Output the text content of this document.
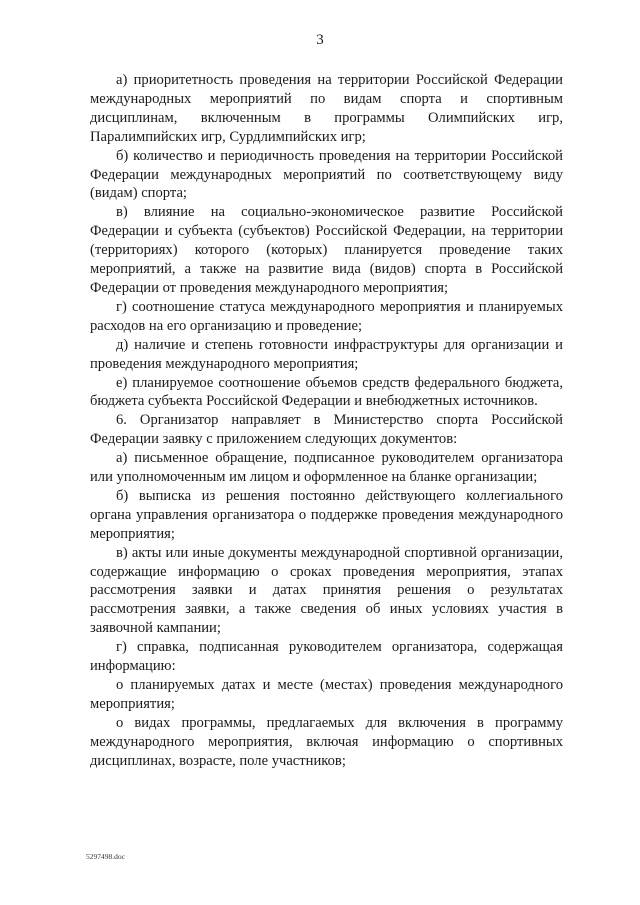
3

а) приоритетность проведения на территории Российской Федерации международных мероприятий по видам спорта и спортивным дисциплинам, включенным в программы Олимпийских игр, Паралимпийских игр, Сурдлимпийских игр;

б) количество и периодичность проведения на территории Российской Федерации международных мероприятий по соответствующему виду (видам) спорта;

в) влияние на социально-экономическое развитие Российской Федерации и субъекта (субъектов) Российской Федерации, на территории (территориях) которого (которых) планируется проведение таких мероприятий, а также на развитие вида (видов) спорта в Российской Федерации от проведения международного мероприятия;

г) соотношение статуса международного мероприятия и планируемых расходов на его организацию и проведение;

д) наличие и степень готовности инфраструктуры для организации и проведения международного мероприятия;

е) планируемое соотношение объемов средств федерального бюджета, бюджета субъекта Российской Федерации и внебюджетных источников.

6. Организатор направляет в Министерство спорта Российской Федерации заявку с приложением следующих документов:

а) письменное обращение, подписанное руководителем организатора или уполномоченным им лицом и оформленное на бланке организации;

б) выписка из решения постоянно действующего коллегиального органа управления организатора о поддержке проведения международного мероприятия;

в) акты или иные документы международной спортивной организации, содержащие информацию о сроках проведения мероприятия, этапах рассмотрения заявки и датах принятия решения о результатах рассмотрения заявки, а также сведения об иных условиях участия в заявочной кампании;

г) справка, подписанная руководителем организатора, содержащая информацию:

о планируемых датах и месте (местах) проведения международного мероприятия;

о видах программы, предлагаемых для включения в программу международного мероприятия, включая информацию о спортивных дисциплинах, возрасте, поле участников;

5297498.doc
